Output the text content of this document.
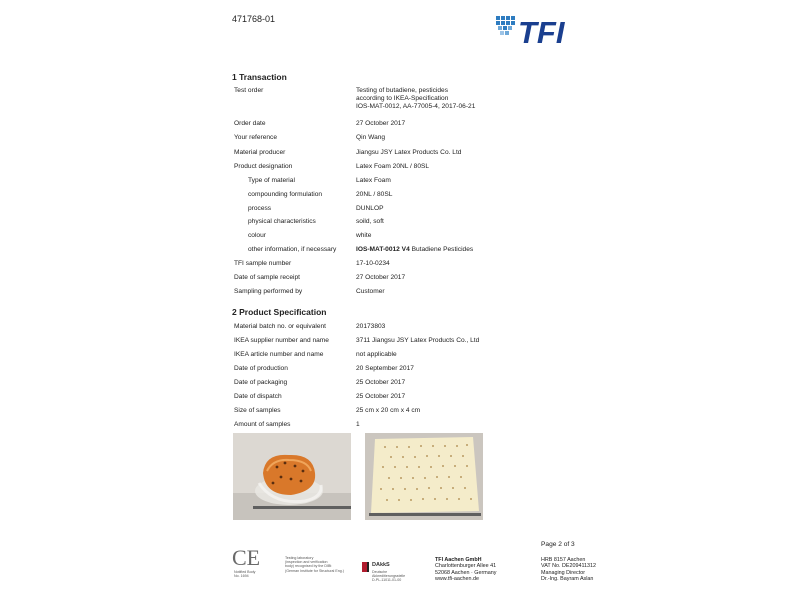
471768-01	TFI
1 Transaction
Test order	Testing of butadiene, pesticides
according to IKEA-Specification
IOS-MAT-0012, AA-77005-4, 2017-06-21
Order date	27 October 2017
Your reference	Qin Wang
Material producer	Jiangsu JSY Latex Products Co. Ltd
Product designation	Latex Foam 20NL / 80SL
Type of material	Latex Foam
compounding formulation	20NL / 80SL
process	DUNLOP
physical characteristics	soild, soft
colour	white
other information, if necessary	IOS-MAT-0012 V4 Butadiene Pesticides
TFI sample number	17-10-0234
Date of sample receipt	27 October 2017
Sampling performed by	Customer
2 Product Specification
Material batch no. or equivalent	20173803
IKEA supplier number and name	3711 Jiangsu JSY Latex Products Co., Ltd
IKEA article number and name	not applicable
Date of production	20 September 2017
Date of packaging	25 October 2017
Date of dispatch	25 October 2017
Size of samples	25 cm x 20 cm x 4 cm
Amount of samples	1
Page 2 of 3
CE
Notified Body
No. 1694
Testing laboratory
(inspection and verification
body) recognised by the DIBt
(German Institute for Structural Eng.)
DAkkS
Deutsche
Akkreditierungsstelle
D-PL-11011-01-00
TFI Aachen GmbH
Charlottenburger Allee 41
52068 Aachen · Germany
www.tfi-aachen.de
HRB 8157 Aachen
VAT No. DE209411312
Managing Director
Dr.-Ing. Bayram Aslan
